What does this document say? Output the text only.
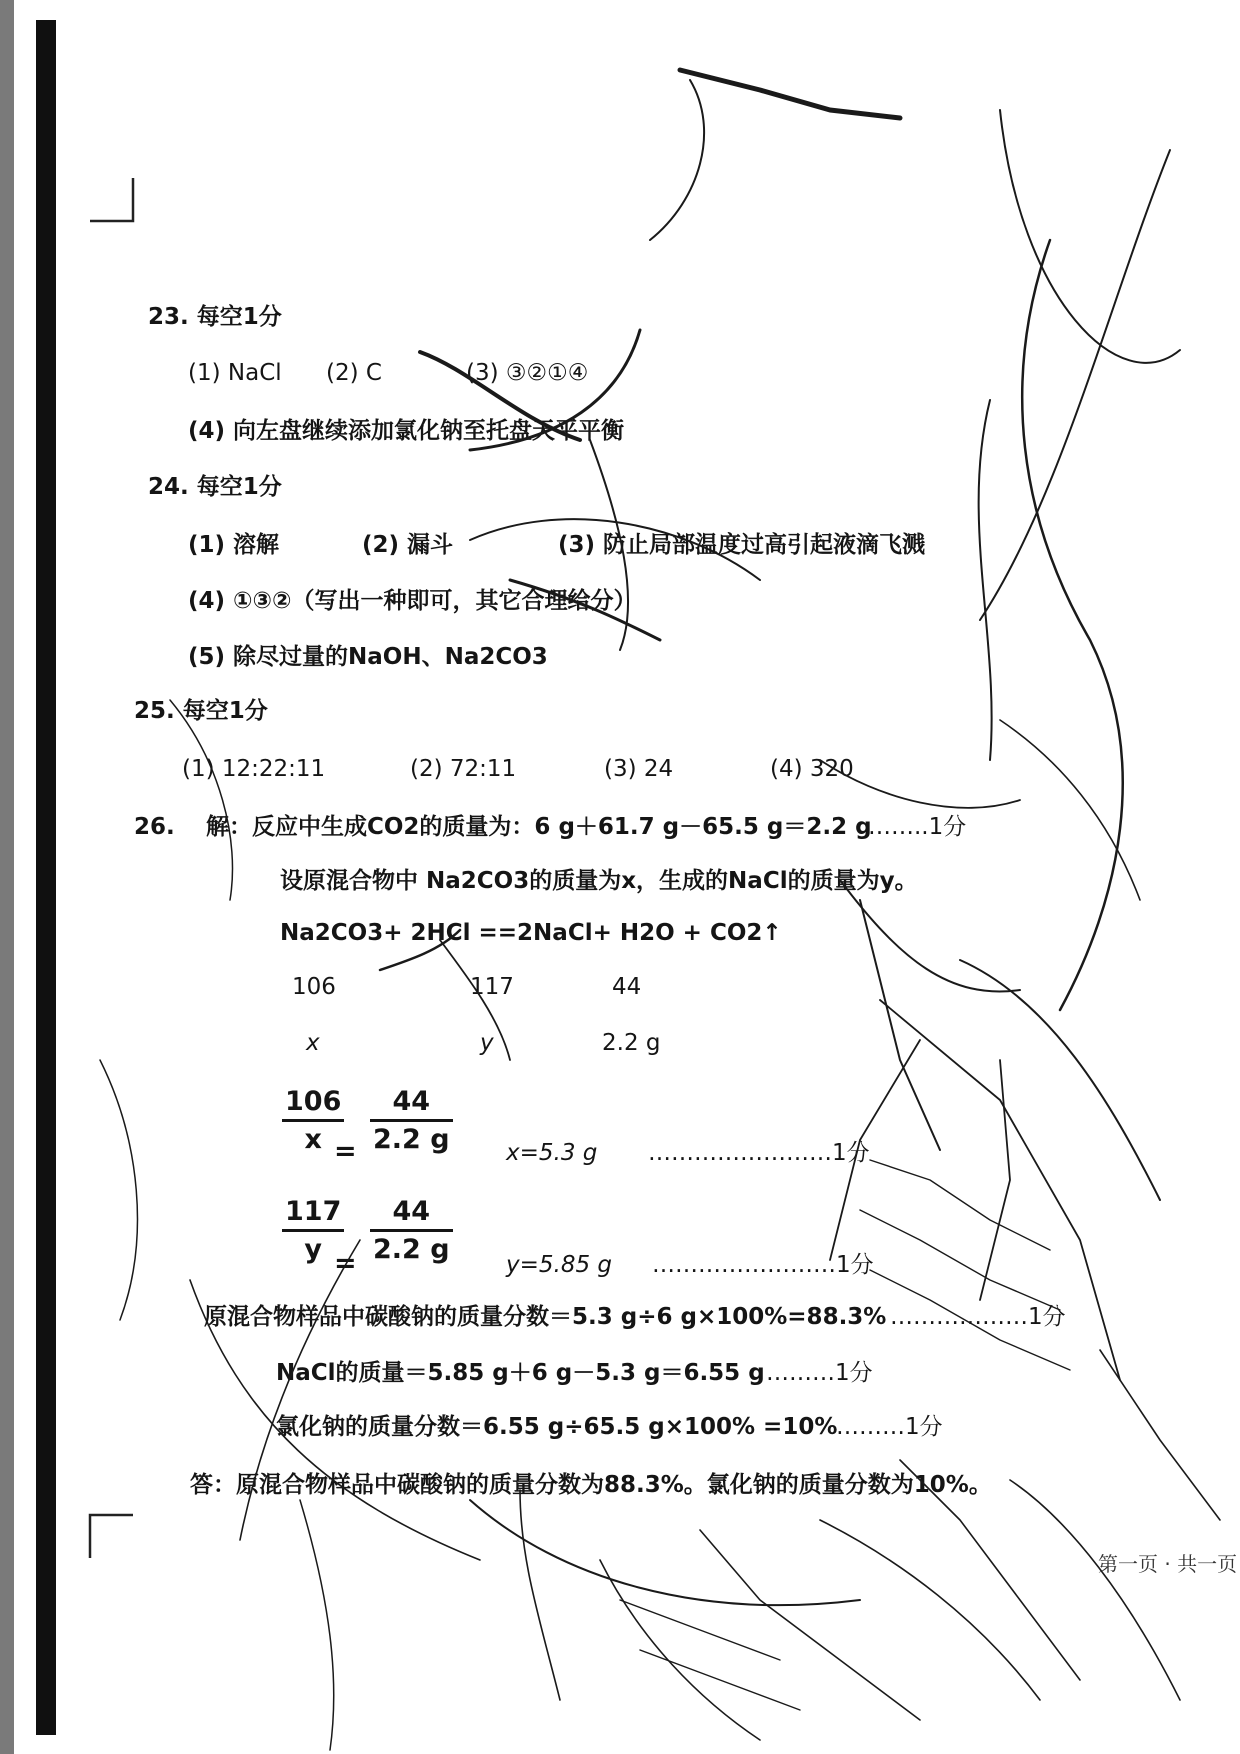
23. 每空1分
(1) NaCl (2) C	(3) ③②①④
(4) 向左盘继续添加氯化钠至托盘天平平衡
24. 每空1分
(1) 溶解	(2) 漏斗	(3) 防止局部温度过高引起液滴飞溅
(4) ①③②（写出一种即可，其它合理给分）
(5) 除尽过量的NaOH、Na2CO3
25. 每空1分
(1) 12:22:11	(2) 72:11	(3) 24	(4) 320
26. 解：反应中生成CO2的质量为：6 g＋61.7 g－65.5 g＝2.2 g
……..1分
设原混合物中 Na2CO3的质量为x，生成的NaCl的质量为y。
Na2CO3+ 2HCl ==2NaCl+ H2O + CO2↑
106	117	44
x	y	2.2 g
$\frac{106}{x}$
= $\frac{44}{2.2 g} x=5.3$ g ……………………1分
$\frac{117}{y}$
=
$\frac{44}{2.2 g}$
y=5.85 g ……………………1分
原混合物样品中碳酸钠的质量分数＝5.3 g÷6 g×100%=88.3% ………………1分
NaCl的质量＝5.85 g＋6 g－5.3 g＝6.55 g ………1分
氯化钠的质量分数＝6.55 g÷65.5 g×100% =10%
………1分
答：原混合物样品中碳酸钠的质量分数为88.3%。氯化钠的质量分数为10%。
第一页 · 共一页
